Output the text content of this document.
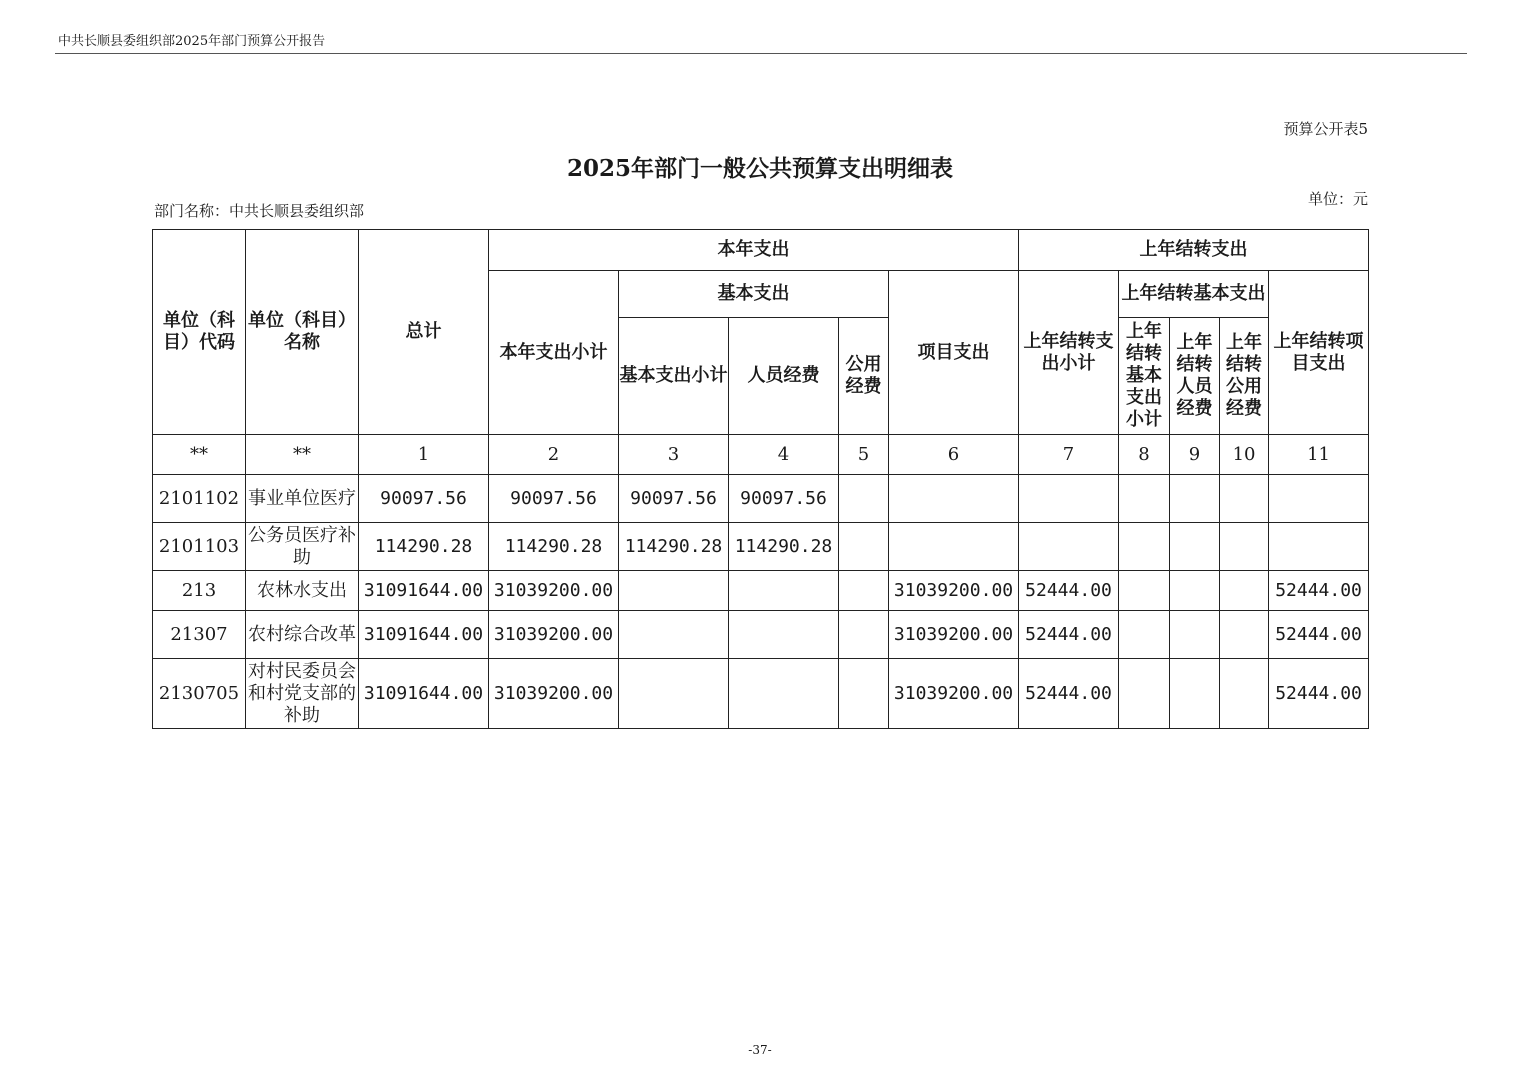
中共长顺县委组织部2025年部门预算公开报告
预算公开表5
2025年部门一般公共预算支出明细表
部门名称：中共长顺县委组织部
单位：元
单位（科目）代码	单位（科目）名称	总计	本年支出					上年结转支出				
			本年支出小计	基本支出			项目支出	上年结转支出小计	上年结转基本支出			上年结转项目支出
				基本支出小计	人员经费	公用经费			上年结转基本支出小计	上年结转人员经费	上年结转公用经费	
**	**	1	2	3	4	5	6	7	8	9	10	11
2101102	事业单位医疗	90097.56	90097.56	90097.56	90097.56							
2101103	公务员医疗补助	114290.28	114290.28	114290.28	114290.28							
213	农林水支出	31091644.00	31039200.00				31039200.00	52444.00				52444.00
21307	农村综合改革	31091644.00	31039200.00				31039200.00	52444.00				52444.00
2130705	对村民委员会和村党支部的补助	31091644.00	31039200.00				31039200.00	52444.00				52444.00
-37-
